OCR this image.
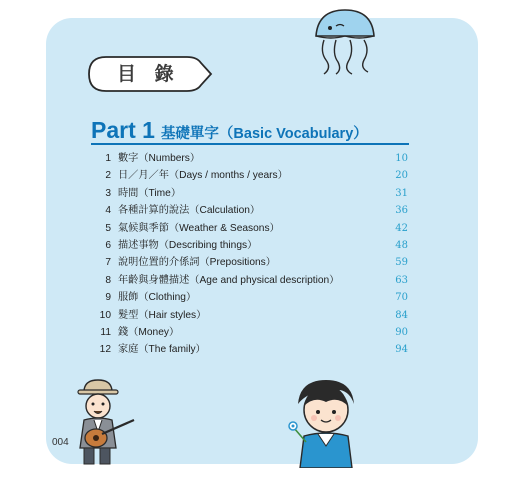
目 錄
Part 1 基礎單字（Basic Vocabulary）
1 數字（Numbers）	10
2 日／月／年（Days / months / years）	20
3 時間（Time）	31
4 各種計算的說法（Calculation）	36
5 氣候與季節（Weather & Seasons）	42
6 描述事物（Describing things）	48
7 說明位置的介係詞（Prepositions）	59
8 年齡與身體描述（Age and physical description）	63
9 服飾（Clothing）	70
10 髮型（Hair styles）	84
11 錢（Money）	90
12 家庭（The family）	94
004
